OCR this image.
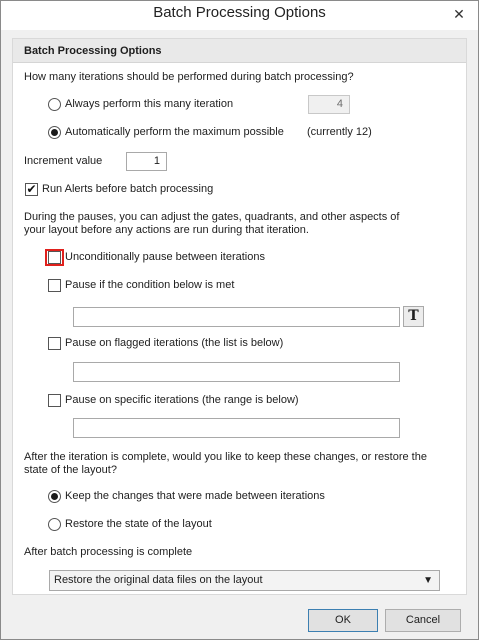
Batch Processing Options	✕
Batch Processing Options
How many iterations should be performed during batch processing?
Always perform this many iteration	4
Automatically perform the maximum possible (currently 12)
Increment value	1
✔ Run Alerts before batch processing
During the pauses, you can adjust the gates, quadrants, and other aspects of
your layout before any actions are run during that iteration.
Unconditionally pause between iterations
Pause if the condition below is met
T
Pause on flagged iterations (the list is below)
Pause on specific iterations (the range is below)
After the iteration is complete, would you like to keep these changes, or restore the
state of the layout?
Keep the changes that were made between iterations
Restore the state of the layout
After batch processing is complete
Restore the original data files on the layout	▼
OK	Cancel
